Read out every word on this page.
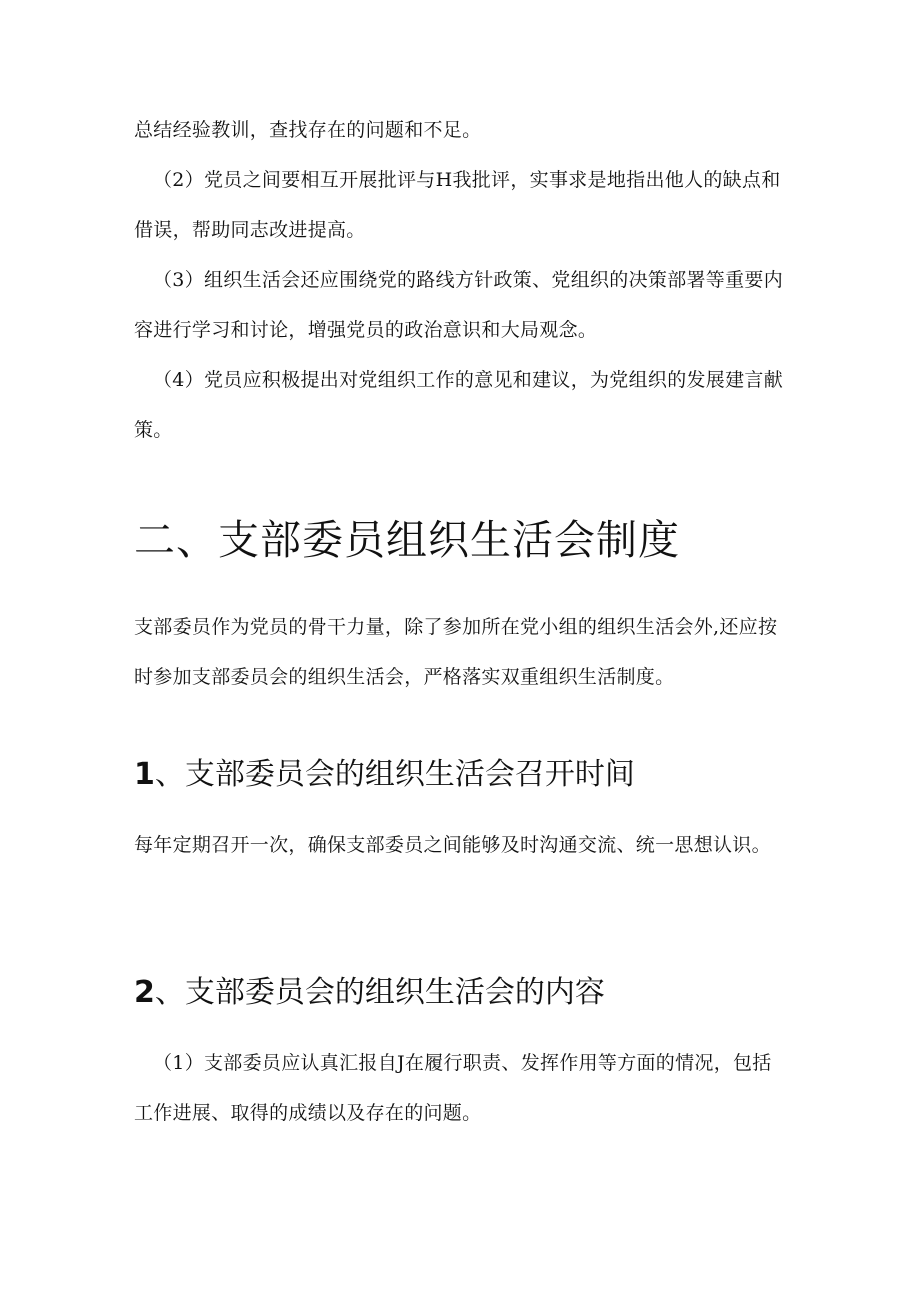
总结经验教训，查找存在的问题和不足。

（2）党员之间要相互开展批评与H我批评，实事求是地指出他人的缺点和借误，帮助同志改进提高。

（3）组织生活会还应围绕党的路线方针政策、党组织的决策部署等重要内容进行学习和讨论，增强党员的政治意识和大局观念。

（4）党员应积极提出对党组织工作的意见和建议，为党组织的发展建言献策。

二、支部委员组织生活会制度

支部委员作为党员的骨干力量，除了参加所在党小组的组织生活会外,还应按时参加支部委员会的组织生活会，严格落实双重组织生活制度。

1、支部委员会的组织生活会召开时间

每年定期召开一次，确保支部委员之间能够及时沟通交流、统一思想认识。

2、支部委员会的组织生活会的内容

（1）支部委员应认真汇报自J在履行职责、发挥作用等方面的情况，包括工作进展、取得的成绩以及存在的问题。
